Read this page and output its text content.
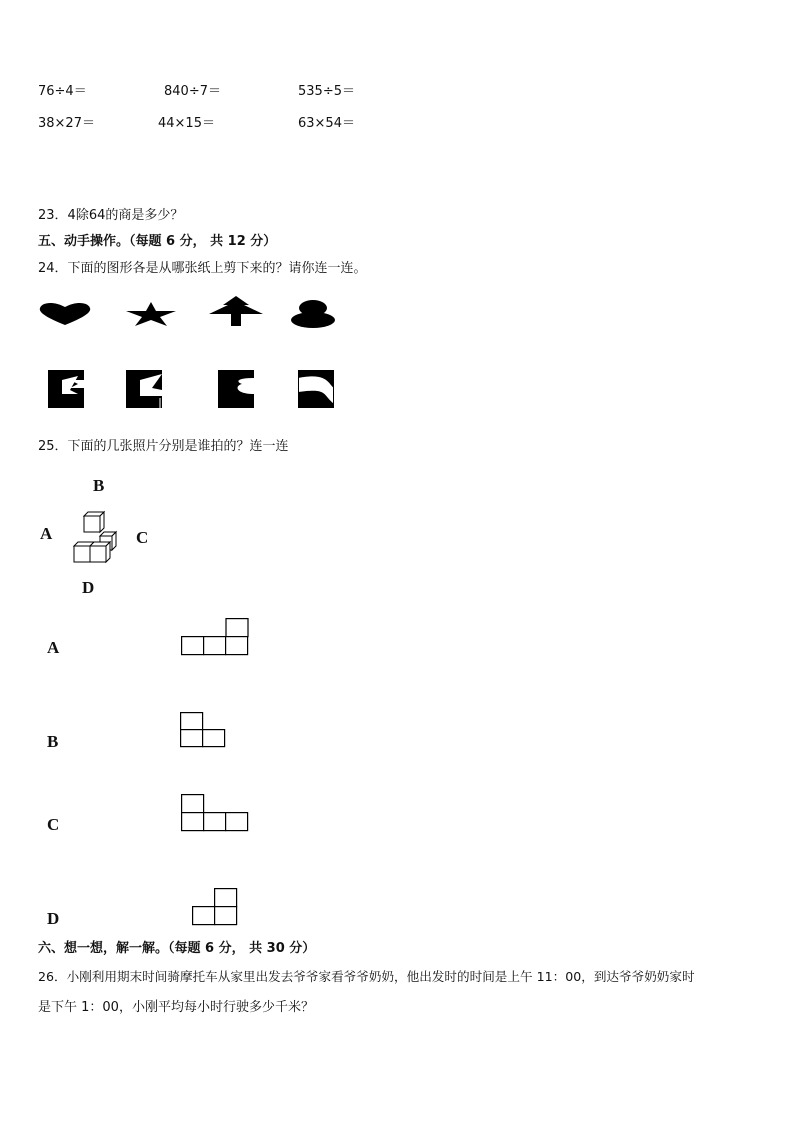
76÷4＝	840÷7＝	535÷5＝
38×27＝	44×15＝	63×54＝
23．4除64的商是多少？
五、动手操作。（每题 6 分， 共 12 分）
24．下面的图形各是从哪张纸上剪下来的？请你连一连。
25．下面的几张照片分别是谁拍的？连一连
B
A	C
D
A
B
C
D
六、想一想，解一解。（每题 6 分， 共 30 分）
26．小刚利用期末时间骑摩托车从家里出发去爷爷家看爷爷奶奶，他出发时的时间是上午 11：00，到达爷爷奶奶家时
是下午 1：00，小刚平均每小时行驶多少千米？
